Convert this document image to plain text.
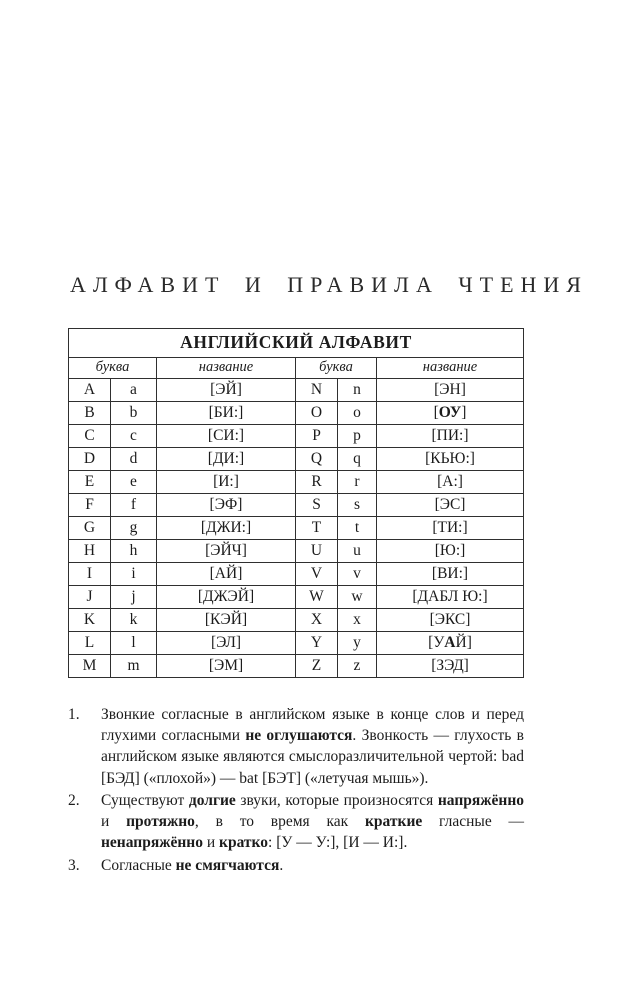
АЛФАВИТ И ПРАВИЛА ЧТЕНИЯ
АНГЛИЙСКИЙ АЛФАВИТ					
буква		название	буква		название
A	a	[ЭЙ]	N	n	[ЭН]
B	b	[БИ:]	O	o	[ОУ]
C	c	[СИ:]	P	p	[ПИ:]
D	d	[ДИ:]	Q	q	[КЬЮ:]
E	e	[И:]	R	r	[А:]
F	f	[ЭФ]	S	s	[ЭС]
G	g	[ДЖИ:]	T	t	[ТИ:]
H	h	[ЭЙЧ]	U	u	[Ю:]
I	i	[АЙ]	V	v	[ВИ:]
J	j	[ДЖЭЙ]	W	w	[ДАБЛ Ю:]
K	k	[КЭЙ]	X	x	[ЭКС]
L	l	[ЭЛ]	Y	y	[УАЙ]
M	m	[ЭМ]	Z	z	[ЗЭД]
1.	Звонкие согласные в английском языке в конце слов и перед глухими согласными не оглушаются. Звонкость — глухость в английском языке являются смыслоразличительной чертой: bad [БЭД] («плохой») — bat [БЭТ] («летучая мышь»).
2.	Существуют долгие звуки, которые произносятся напряжённо и протяжно, в то время как краткие гласные — ненапряжённо и кратко: [У — У:], [И — И:].
3.	Согласные не смягчаются.
